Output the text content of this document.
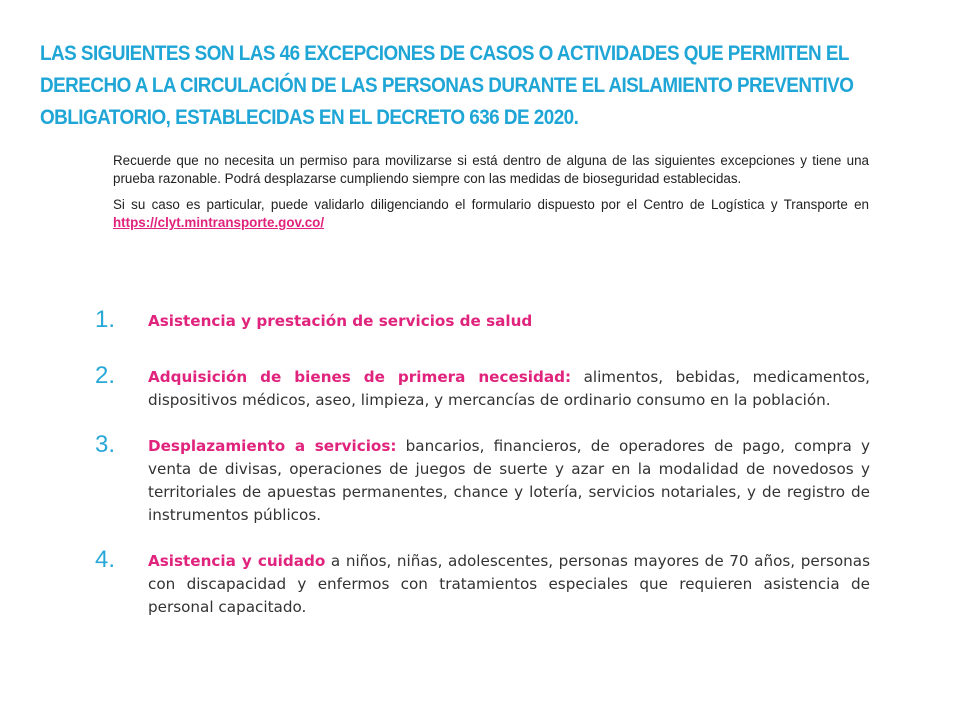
LAS SIGUIENTES SON LAS 46 EXCEPCIONES DE CASOS O ACTIVIDADES QUE PERMITEN EL DERECHO A LA CIRCULACIÓN DE LAS PERSONAS DURANTE EL AISLAMIENTO PREVENTIVO OBLIGATORIO, ESTABLECIDAS EN EL DECRETO 636 DE 2020.

Recuerde que no necesita un permiso para movilizarse si está dentro de alguna de las siguientes excepciones y tiene una prueba razonable. Podrá desplazarse cumpliendo siempre con las medidas de bioseguridad establecidas.

Si su caso es particular, puede validarlo diligenciando el formulario dispuesto por el Centro de Logística y Transporte en https://clyt.mintransporte.gov.co/

1. Asistencia y prestación de servicios de salud

2. Adquisición de bienes de primera necesidad: alimentos, bebidas, medicamentos, dispositivos médicos, aseo, limpieza, y mercancías de ordinario consumo en la población.

3. Desplazamiento a servicios: bancarios, financieros, de operadores de pago, compra y venta de divisas, operaciones de juegos de suerte y azar en la modalidad de novedosos y territoriales de apuestas permanentes, chance y lotería, servicios notariales, y de registro de instrumentos públicos.

4. Asistencia y cuidado a niños, niñas, adolescentes, personas mayores de 70 años, personas con discapacidad y enfermos con tratamientos especiales que requieren asistencia de personal capacitado.
